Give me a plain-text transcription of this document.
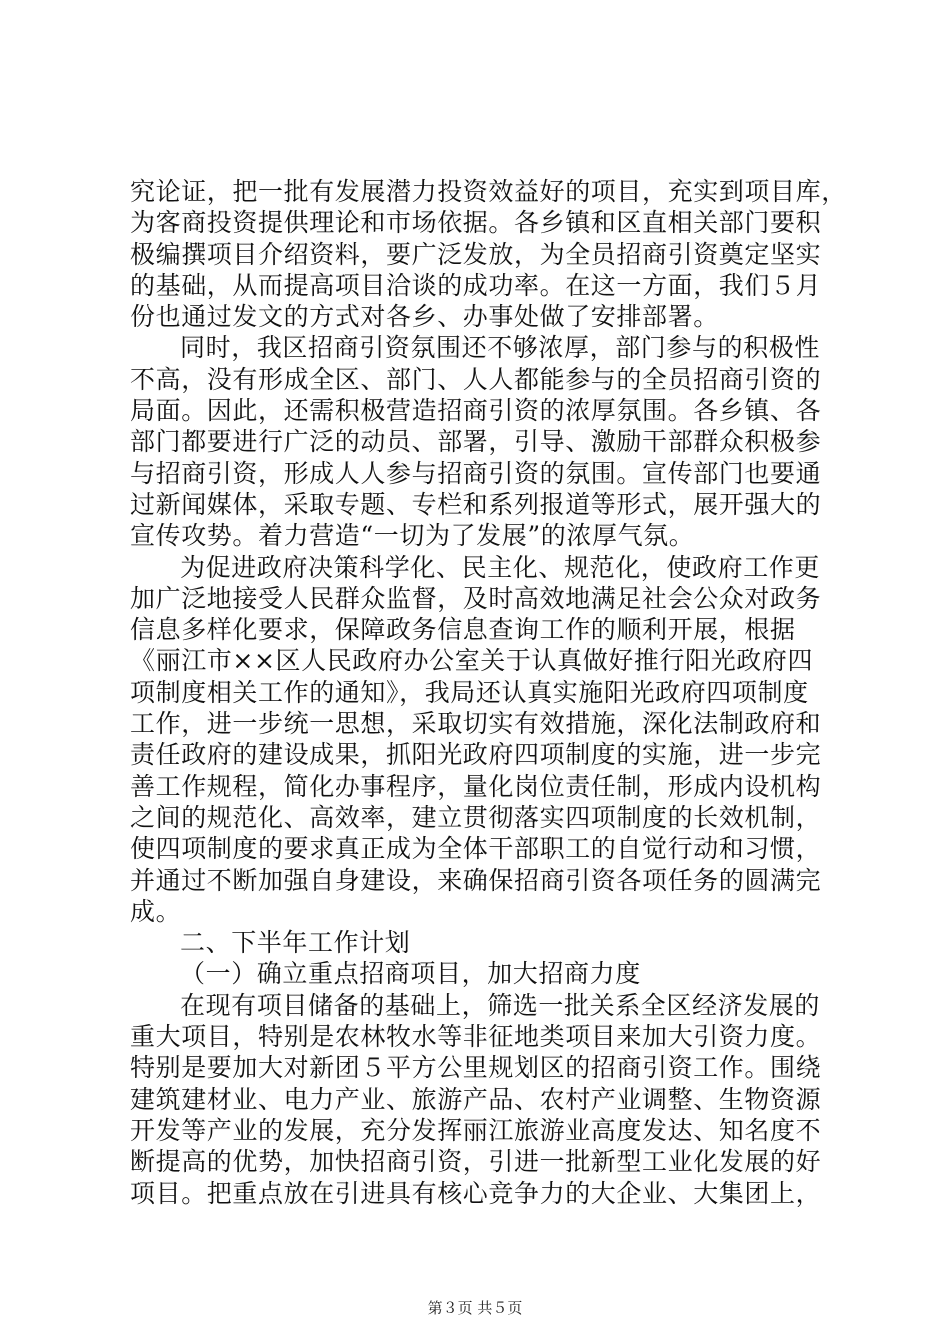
究论证，把一批有发展潜力投资效益好的项目，充实到项目库，
为客商投资提供理论和市场依据。各乡镇和区直相关部门要积
极编撰项目介绍资料，要广泛发放，为全员招商引资奠定坚实
的基础，从而提高项目洽谈的成功率。在这一方面，我们５月
份也通过发文的方式对各乡、办事处做了安排部署。
同时，我区招商引资氛围还不够浓厚，部门参与的积极性
不高，没有形成全区、部门、人人都能参与的全员招商引资的
局面。因此，还需积极营造招商引资的浓厚氛围。各乡镇、各
部门都要进行广泛的动员、部署，引导、激励干部群众积极参
与招商引资，形成人人参与招商引资的氛围。宣传部门也要通
过新闻媒体，采取专题、专栏和系列报道等形式，展开强大的
宣传攻势。着力营造“一切为了发展”的浓厚气氛。
为促进政府决策科学化、民主化、规范化，使政府工作更
加广泛地接受人民群众监督，及时高效地满足社会公众对政务
信息多样化要求，保障政务信息查询工作的顺利开展，根据
《丽江市××区人民政府办公室关于认真做好推行阳光政府四
项制度相关工作的通知》，我局还认真实施阳光政府四项制度
工作，进一步统一思想，采取切实有效措施，深化法制政府和
责任政府的建设成果，抓阳光政府四项制度的实施，进一步完
善工作规程，简化办事程序，量化岗位责任制，形成内设机构
之间的规范化、高效率，建立贯彻落实四项制度的长效机制，
使四项制度的要求真正成为全体干部职工的自觉行动和习惯，
并通过不断加强自身建设，来确保招商引资各项任务的圆满完
成。
二、下半年工作计划
（一）确立重点招商项目，加大招商力度
在现有项目储备的基础上，筛选一批关系全区经济发展的
重大项目，特别是农林牧水等非征地类项目来加大引资力度。
特别是要加大对新团５平方公里规划区的招商引资工作。围绕
建筑建材业、电力产业、旅游产品、农村产业调整、生物资源
开发等产业的发展，充分发挥丽江旅游业高度发达、知名度不
断提高的优势，加快招商引资，引进一批新型工业化发展的好
项目。把重点放在引进具有核心竞争力的大企业、大集团上，
第３页 共５页
